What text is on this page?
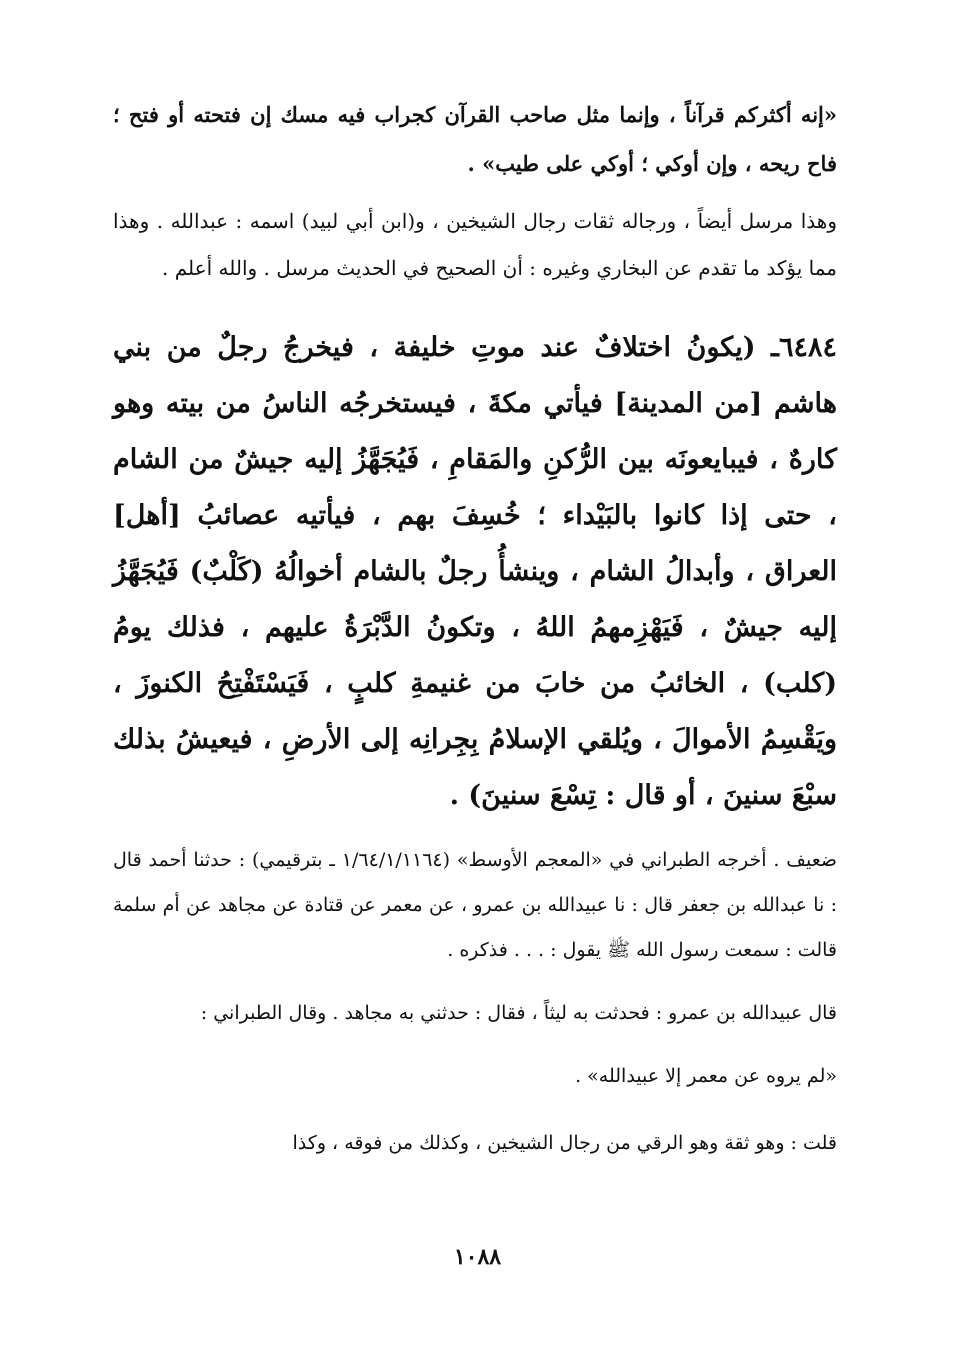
«إنه أكثركم قرآناً ، وإنما مثل صاحب القرآن كجراب فيه مسك إن فتحته أو فتح ؛ فاح ريحه ، وإن أوكي ؛ أوكي على طيب» .

وهذا مرسل أيضاً ، ورجاله ثقات رجال الشيخين ، و(ابن أبي لبيد) اسمه : عبدالله . وهذا مما يؤكد ما تقدم عن البخاري وغيره : أن الصحيح في الحديث مرسل . والله أعلم .

٦٤٨٤ـ (يكونُ اختلافٌ عند موتِ خليفة ، فيخرجُ رجلٌ من بني هاشم [من المدينة] فيأتي مكةَ ، فيستخرجُه الناسُ من بيته وهو كارهٌ ، فيبايعونَه بين الرُّكنِ والمَقامِ ، فَيُجَهَّزُ إليه جيشٌ من الشام ، حتى إذا كانوا بالبَيْداء ؛ خُسِفَ بهم ، فيأتيه عصائبُ [أهل] العراق ، وأبدالُ الشام ، وينشأُ رجلٌ بالشام أخوالُهُ (كَلْبٌ) فَيُجَهَّزُ إليه جيشٌ ، فَيَهْزِمهمُ اللهُ ، وتكونُ الدَّبْرَةُ عليهم ، فذلك يومُ (كلب) ، الخائبُ من خابَ من غنيمةِ كلبٍ ، فَيَسْتَفْتِحُ الكنوزَ ، ويَقْسِمُ الأموالَ ، ويُلقي الإسلامُ بِجِرانِه إلى الأرضِ ، فيعيشُ بذلك سبْعَ سنينَ ، أو قال : تِسْعَ سنينَ) .

ضعيف . أخرجه الطبراني في «المعجم الأوسط» (١/٦٤/١/١١٦٤ ـ بترقيمي) : حدثنا أحمد قال : نا عبدالله بن جعفر قال : نا عبيدالله بن عمرو ، عن معمر عن قتادة عن مجاهد عن أم سلمة قالت : سمعت رسول الله ﷺ يقول : . . . فذكره .

قال عبيدالله بن عمرو : فحدثت به ليثاً ، فقال : حدثني به مجاهد . وقال الطبراني :

«لم يروه عن معمر إلا عبيدالله» .

قلت : وهو ثقة وهو الرقي من رجال الشيخين ، وكذلك من فوقه ، وكذا

١٠٨٨
